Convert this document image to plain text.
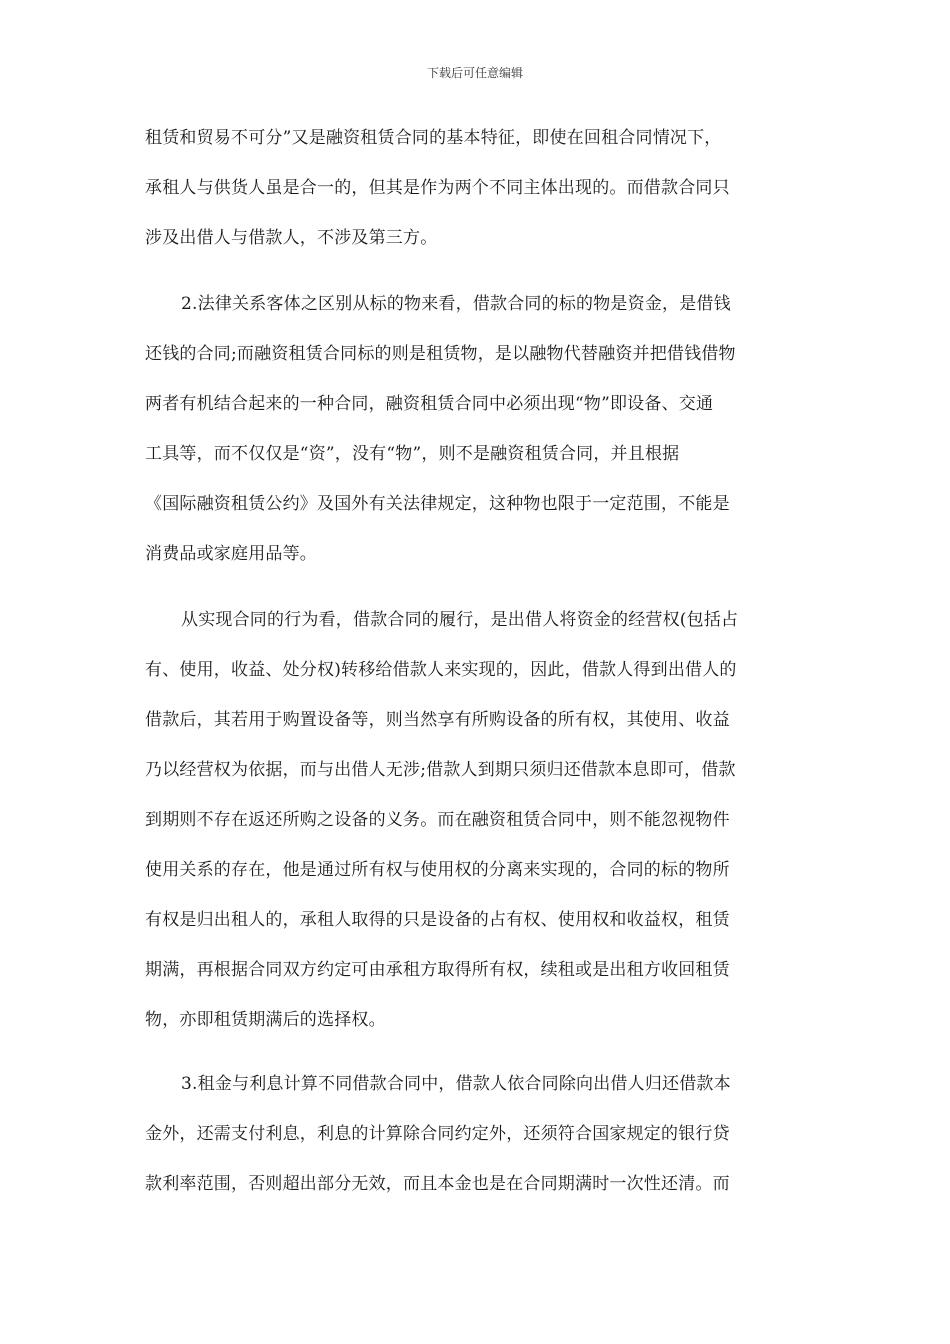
下载后可任意编辑
租赁和贸易不可分”又是融资租赁合同的基本特征，即使在回租合同情况下，
承租人与供货人虽是合一的，但其是作为两个不同主体出现的。而借款合同只
涉及出借人与借款人，不涉及第三方。
2.法律关系客体之区别从标的物来看，借款合同的标的物是资金，是借钱
还钱的合同;而融资租赁合同标的则是租赁物，是以融物代替融资并把借钱借物
两者有机结合起来的一种合同，融资租赁合同中必须出现“物”即设备、交通
工具等，而不仅仅是“资”，没有“物”，则不是融资租赁合同，并且根据
《国际融资租赁公约》及国外有关法律规定，这种物也限于一定范围，不能是
消费品或家庭用品等。
从实现合同的行为看，借款合同的履行，是出借人将资金的经营权(包括占
有、使用，收益、处分权)转移给借款人来实现的，因此，借款人得到出借人的
借款后，其若用于购置设备等，则当然享有所购设备的所有权，其使用、收益
乃以经营权为依据，而与出借人无涉;借款人到期只须归还借款本息即可，借款
到期则不存在返还所购之设备的义务。而在融资租赁合同中，则不能忽视物件
使用关系的存在，他是通过所有权与使用权的分离来实现的，合同的标的物所
有权是归出租人的，承租人取得的只是设备的占有权、使用权和收益权，租赁
期满，再根据合同双方约定可由承租方取得所有权，续租或是出租方收回租赁
物，亦即租赁期满后的选择权。
3.租金与利息计算不同借款合同中，借款人依合同除向出借人归还借款本
金外，还需支付利息，利息的计算除合同约定外，还须符合国家规定的银行贷
款利率范围，否则超出部分无效，而且本金也是在合同期满时一次性还清。而
